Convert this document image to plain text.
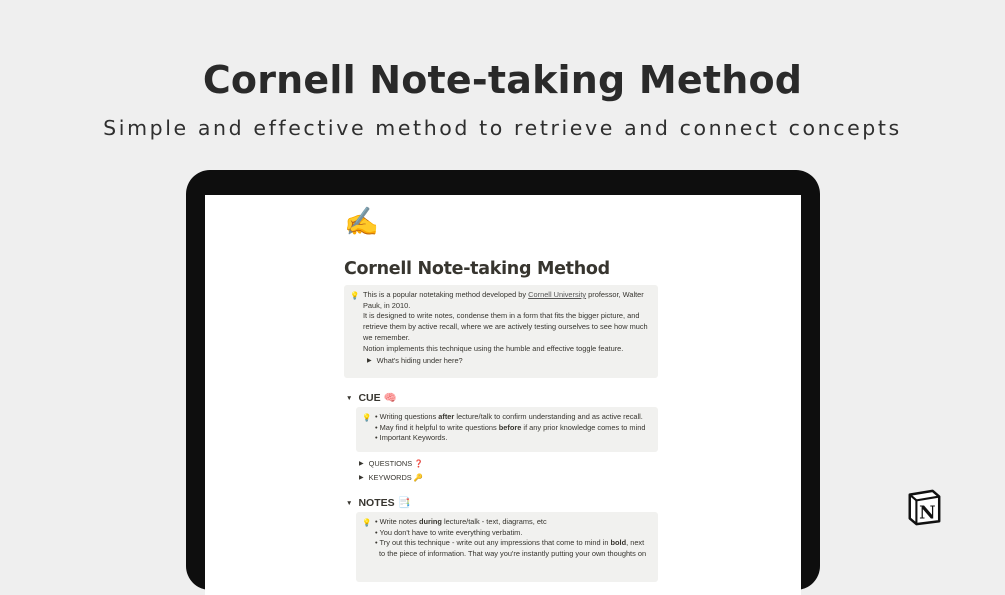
Cornell Note-taking Method
Simple and effective method to retrieve and connect concepts
✍️
Cornell Note-taking Method
💡 This is a popular notetaking method developed by Cornell University professor, Walter
Pauk, in 2010.
It is designed to write notes, condense them in a form that fits the bigger picture, and
retrieve them by active recall, where we are actively testing ourselves to see how much
we remember.
Notion implements this technique using the humble and effective toggle feature.
▶ What's hiding under here?
▼ CUE 🧠
💡 • Writing questions after lecture/talk to confirm understanding and as active recall.
• May find it helpful to write questions before if any prior knowledge comes to mind
• Important Keywords.
▶ QUESTIONS ❓
▶ KEYWORDS 🔑
▼ NOTES 📑
💡 • Write notes during lecture/talk - text, diagrams, etc
• You don't have to write everything verbatim.
• Try out this technique - write out any impressions that come to mind in bold, next
to the piece of information. That way you're instantly putting your own thoughts on
N
